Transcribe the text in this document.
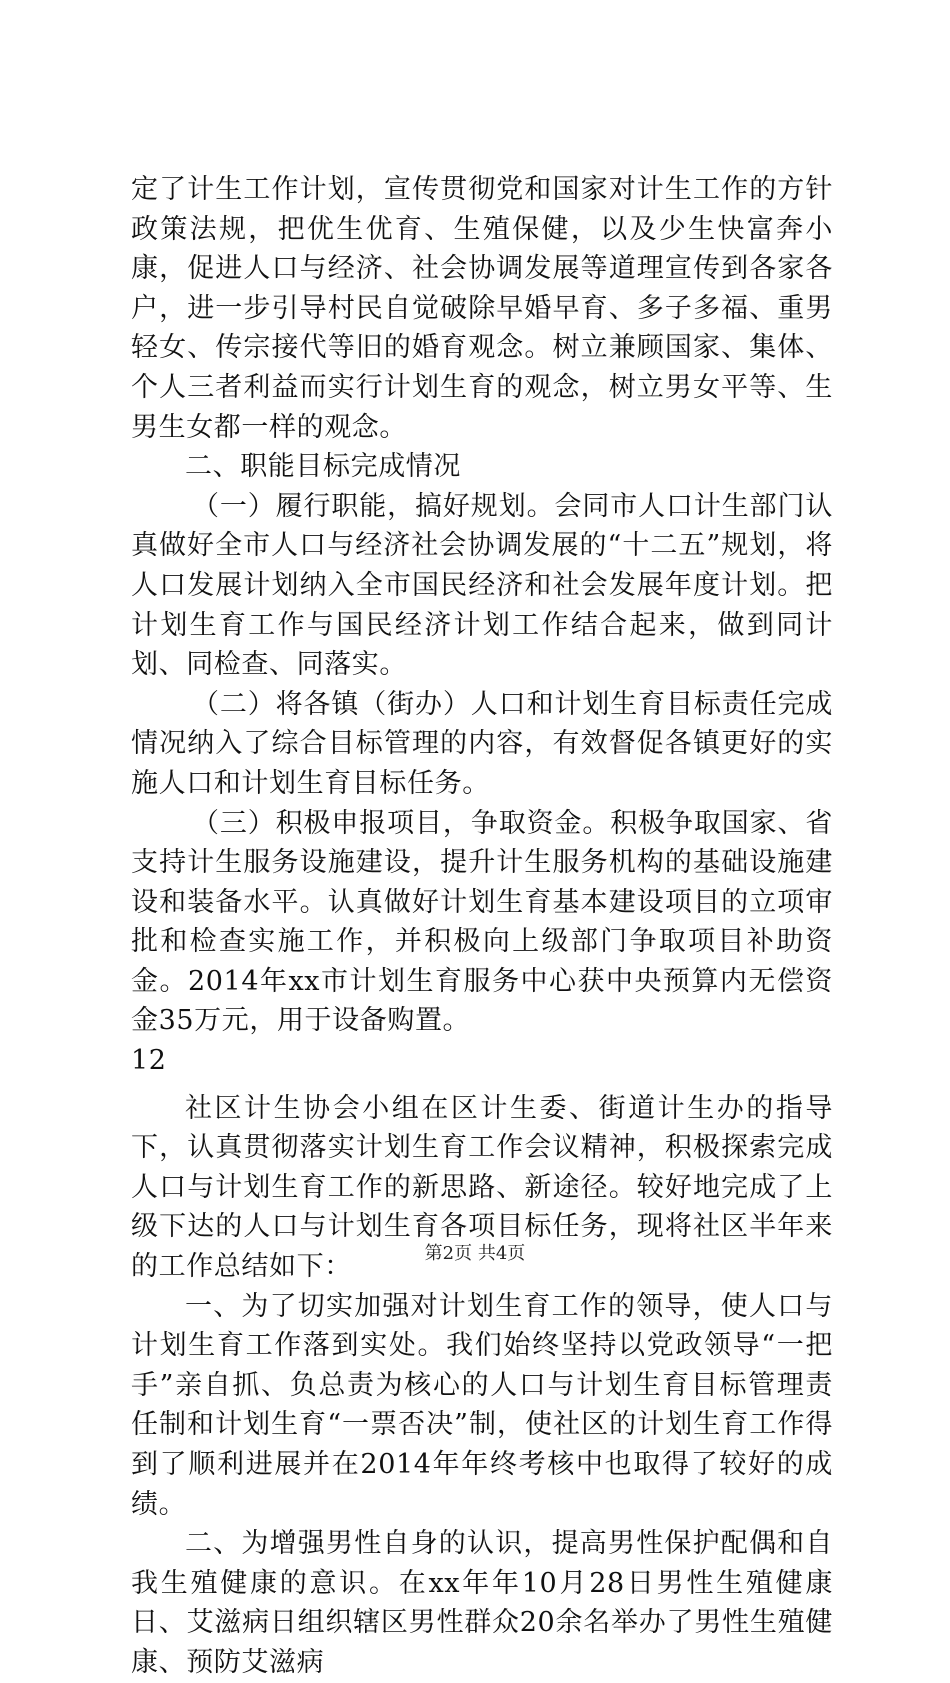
定了计生工作计划，宣传贯彻党和国家对计生工作的方针政策法规，把优生优育、生殖保健，以及少生快富奔小康，促进人口与经济、社会协调发展等道理宣传到各家各户，进一步引导村民自觉破除早婚早育、多子多福、重男轻女、传宗接代等旧的婚育观念。树立兼顾国家、集体、个人三者利益而实行计划生育的观念，树立男女平等、生男生女都一样的观念。

二、职能目标完成情况

（一）履行职能，搞好规划。会同市人口计生部门认真做好全市人口与经济社会协调发展的“十二五”规划，将人口发展计划纳入全市国民经济和社会发展年度计划。把计划生育工作与国民经济计划工作结合起来，做到同计划、同检查、同落实。

（二）将各镇（街办）人口和计划生育目标责任完成情况纳入了综合目标管理的内容，有效督促各镇更好的实施人口和计划生育目标任务。

（三）积极申报项目，争取资金。积极争取国家、省支持计生服务设施建设，提升计生服务机构的基础设施建设和装备水平。认真做好计划生育基本建设项目的立项审批和检查实施工作，并积极向上级部门争取项目补助资金。2014年xx市计划生育服务中心获中央预算内无偿资金35万元，用于设备购置。

12

社区计生协会小组在区计生委、街道计生办的指导下，认真贯彻落实计划生育工作会议精神，积极探索完成人口与计划生育工作的新思路、新途径。较好地完成了上级下达的人口与计划生育各项目标任务，现将社区半年来的工作总结如下：

一、为了切实加强对计划生育工作的领导，使人口与计划生育工作落到实处。我们始终坚持以党政领导“一把手”亲自抓、负总责为核心的人口与计划生育目标管理责任制和计划生育“一票否决”制，使社区的计划生育工作得到了顺利进展并在2014年年终考核中也取得了较好的成绩。

二、为增强男性自身的认识，提高男性保护配偶和自我生殖健康的意识。在xx年年10月28日男性生殖健康日、艾滋病日组织辖区男性群众20余名举办了男性生殖健康、预防艾滋病

第2页 共4页
